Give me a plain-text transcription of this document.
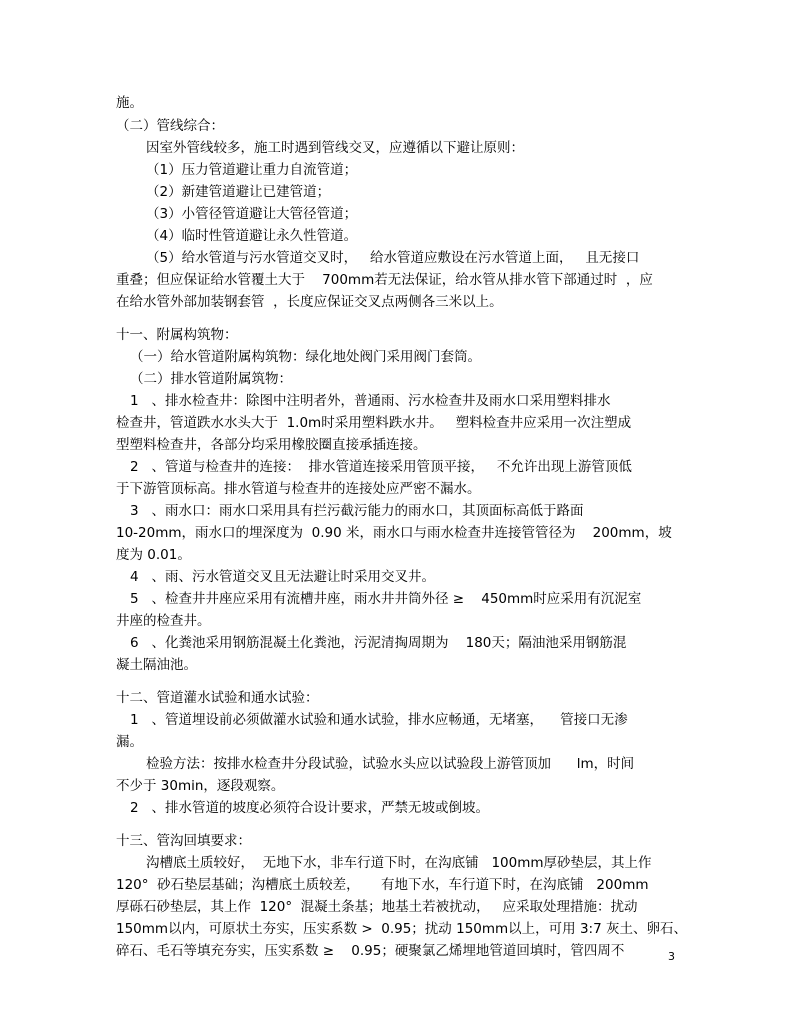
施。
（二）管线综合：
因室外管线较多，施工时遇到管线交叉，应遵循以下避让原则：
（1）压力管道避让重力自流管道；
（2）新建管道避让已建管道；
（3）小管径管道避让大管径管道；
（4）临时性管道避让永久性管道。
（5）给水管道与污水管道交叉时，   给水管道应敷设在污水管道上面，   且无接口
重叠；但应保证给水管覆土大于    700mm若无法保证，给水管从排水管下部通过时  ，应
在给水管外部加装钢套管  ，长度应保证交叉点两侧各三米以上。
十一、附属构筑物：
（一）给水管道附属构筑物：绿化地处阀门采用阀门套筒。
（二）排水管道附属筑物：
1   、排水检查井：除图中注明者外，普通雨、污水检查井及雨水口采用塑料排水
检查井，管道跌水水头大于  1.0m时采用塑料跌水井。   塑料检查井应采用一次注塑成
型塑料检查井，各部分均采用橡胶圈直接承插连接。
2   、管道与检查井的连接：  排水管道连接采用管顶平接，   不允许出现上游管顶低
于下游管顶标高。排水管道与检查井的连接处应严密不漏水。
3   、雨水口：雨水口采用具有拦污截污能力的雨水口，其顶面标高低于路面
10-20mm，雨水口的埋深度为  0.90 米，雨水口与雨水检查井连接管管径为    200mm，坡
度为 0.01。
4   、雨、污水管道交叉且无法避让时采用交叉井。
5   、检查井井座应采用有流槽井座，雨水井井筒外径 ≥    450mm时应采用有沉泥室
井座的检查井。
6   、化粪池采用钢筋混凝土化粪池，污泥清掏周期为    180天；隔油池采用钢筋混
凝土隔油池。
十二、管道灌水试验和通水试验：
1   、管道埋设前必须做灌水试验和通水试验，排水应畅通，无堵塞，    管接口无渗
漏。
检验方法：按排水检查井分段试验，试验水头应以试验段上游管顶加      lm，时间
不少于 30min，逐段观察。
2   、排水管道的坡度必须符合设计要求，严禁无坡或倒坡。
十三、管沟回填要求：
沟槽底土质较好，  无地下水，非车行道下时，在沟底铺   100mm厚砂垫层，其上作
120°  砂石垫层基础；沟槽底土质较差，     有地下水，车行道下时，在沟底铺   200mm
厚砾石砂垫层，其上作  120°  混凝土条基；地基土若被扰动，   应采取处理措施：扰动
150mm以内，可原状土夯实，压实系数 >  0.95；扰动 150mm以上，可用 3:7 灰土、卵石、
碎石、毛石等填充夯实，压实系数 ≥    0.95；硬聚氯乙烯埋地管道回填时，管四周不	3
